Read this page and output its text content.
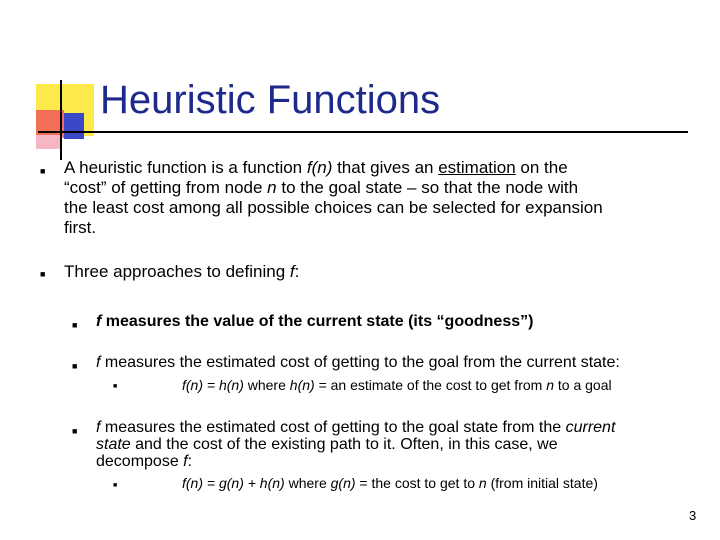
Heuristic Functions
■ A heuristic function is a function f(n) that gives an estimation on the
“cost” of getting from node n to the goal state – so that the node with
the least cost among all possible choices can be selected for expansion
first.
■ Three approaches to defining f:
■ f measures the value of the current state (its “goodness”)
■ f measures the estimated cost of getting to the goal from the current state:
■	f(n) = h(n) where h(n) = an estimate of the cost to get from n to a goal
■ f measures the estimated cost of getting to the goal state from the current
state and the cost of the existing path to it. Often, in this case, we
decompose f:
■	f(n) = g(n) + h(n) where g(n) = the cost to get to n (from initial state)
3
